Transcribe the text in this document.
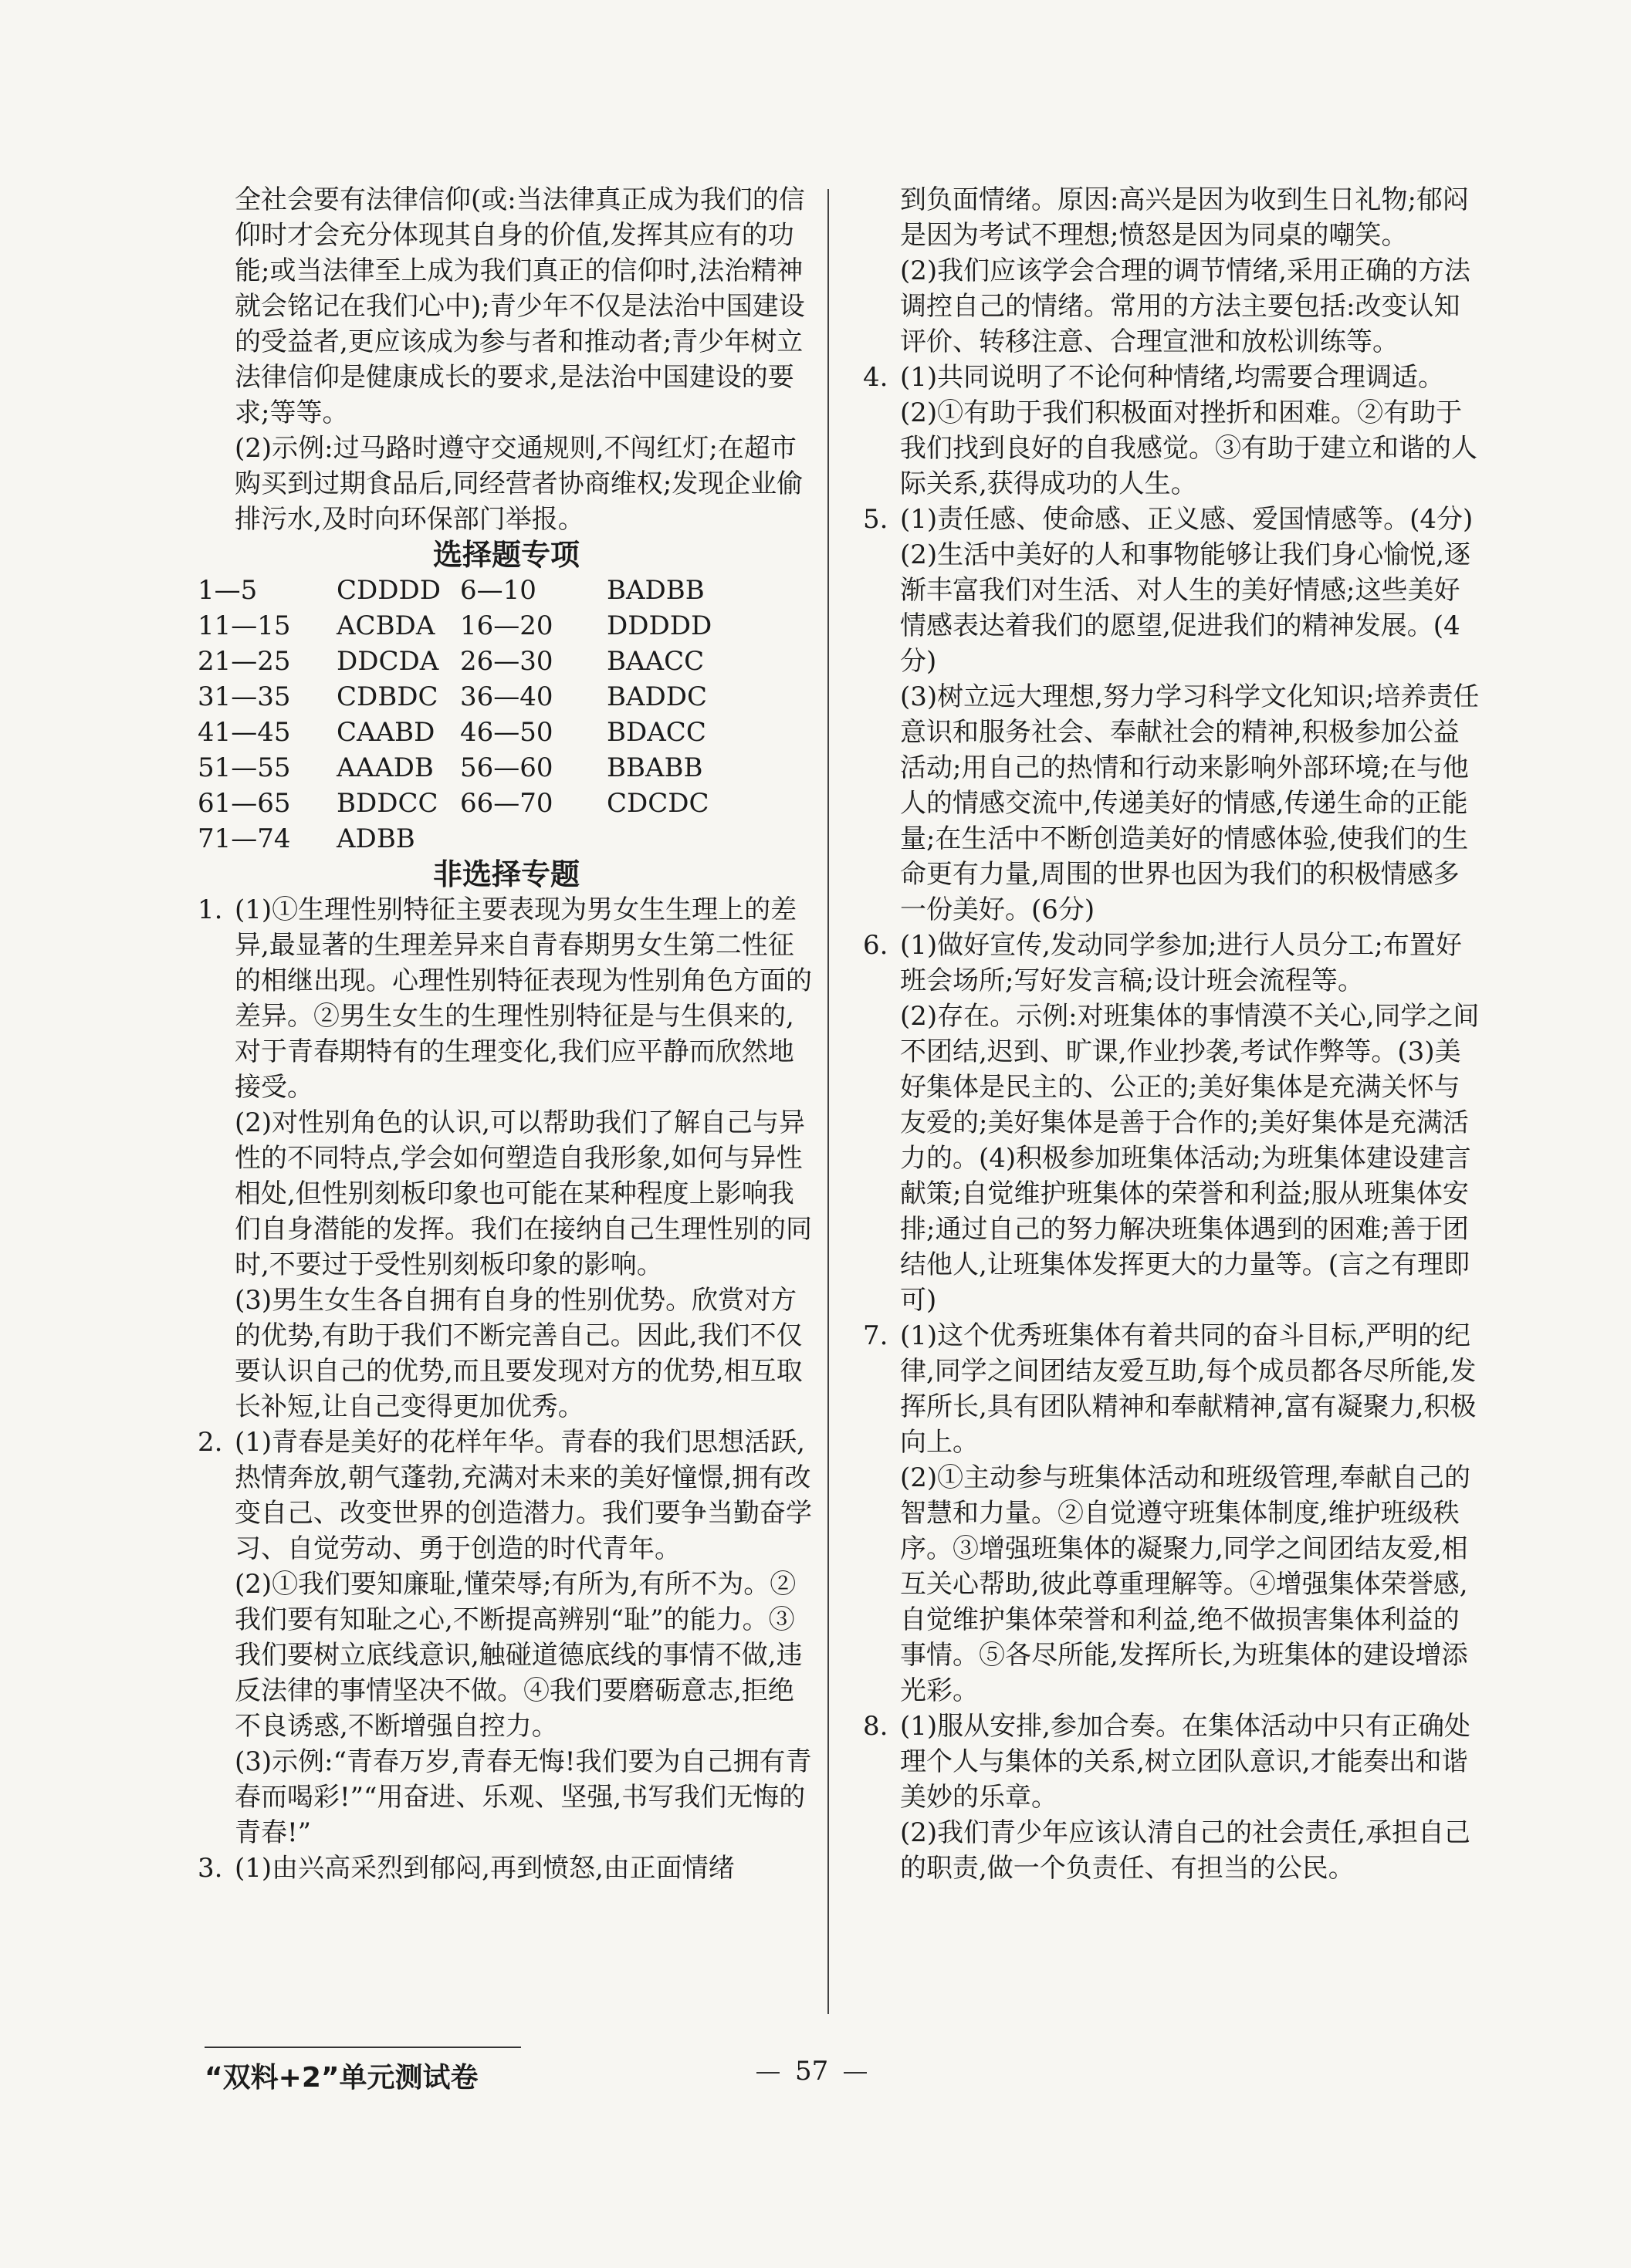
全社会要有法律信仰(或:当法律真正成为我们的信仰时才会充分体现其自身的价值,发挥其应有的功能;或当法律至上成为我们真正的信仰时,法治精神就会铭记在我们心中);青少年不仅是法治中国建设的受益者,更应该成为参与者和推动者;青少年树立法律信仰是健康成长的要求,是法治中国建设的要求;等等。

(2)示例:过马路时遵守交通规则,不闯红灯;在超市购买到过期食品后,同经营者协商维权;发现企业偷排污水,及时向环保部门举报。

选择题专项

1—5	CDDDD 6—10	BADBB
11—15	ACBDA 16—20	DDDDD
21—25	DDCDA 26—30	BAACC
31—35	CDBDC 36—40	BADDC
41—45	CAABD 46—50	BDACC
51—55	AAADB	56—60	BBABB
61—65	BDDCC 66—70	CDCDC
71—74	ADBB

非选择专题

1. (1)①生理性别特征主要表现为男女生生理上的差异,最显著的生理差异来自青春期男女生第二性征的相继出现。心理性别特征表现为性别角色方面的差异。②男生女生的生理性别特征是与生俱来的,对于青春期特有的生理变化,我们应平静而欣然地接受。

(2)对性别角色的认识,可以帮助我们了解自己与异性的不同特点,学会如何塑造自我形象,如何与异性相处,但性别刻板印象也可能在某种程度上影响我们自身潜能的发挥。我们在接纳自己生理性别的同时,不要过于受性别刻板印象的影响。

(3)男生女生各自拥有自身的性别优势。欣赏对方的优势,有助于我们不断完善自己。因此,我们不仅要认识自己的优势,而且要发现对方的优势,相互取长补短,让自己变得更加优秀。

2. (1)青春是美好的花样年华。青春的我们思想活跃,热情奔放,朝气蓬勃,充满对未来的美好憧憬,拥有改变自己、改变世界的创造潜力。我们要争当勤奋学习、自觉劳动、勇于创造的时代青年。

(2)①我们要知廉耻,懂荣辱;有所为,有所不为。②我们要有知耻之心,不断提高辨别“耻”的能力。③我们要树立底线意识,触碰道德底线的事情不做,违反法律的事情坚决不做。④我们要磨砺意志,拒绝不良诱惑,不断增强自控力。

(3)示例:“青春万岁,青春无悔!我们要为自己拥有青春而喝彩!”“用奋进、乐观、坚强,书写我们无悔的青春!”

3. (1)由兴高采烈到郁闷,再到愤怒,由正面情绪

到负面情绪。原因:高兴是因为收到生日礼物;郁闷是因为考试不理想;愤怒是因为同桌的嘲笑。

(2)我们应该学会合理的调节情绪,采用正确的方法调控自己的情绪。常用的方法主要包括:改变认知评价、转移注意、合理宣泄和放松训练等。

4. (1)共同说明了不论何种情绪,均需要合理调适。

(2)①有助于我们积极面对挫折和困难。②有助于我们找到良好的自我感觉。③有助于建立和谐的人际关系,获得成功的人生。

5. (1)责任感、使命感、正义感、爱国情感等。(4分)

(2)生活中美好的人和事物能够让我们身心愉悦,逐渐丰富我们对生活、对人生的美好情感;这些美好情感表达着我们的愿望,促进我们的精神发展。(4分)

(3)树立远大理想,努力学习科学文化知识;培养责任意识和服务社会、奉献社会的精神,积极参加公益活动;用自己的热情和行动来影响外部环境;在与他人的情感交流中,传递美好的情感,传递生命的正能量;在生活中不断创造美好的情感体验,使我们的生命更有力量,周围的世界也因为我们的积极情感多一份美好。(6分)

6. (1)做好宣传,发动同学参加;进行人员分工;布置好班会场所;写好发言稿;设计班会流程等。

(2)存在。示例:对班集体的事情漠不关心,同学之间不团结,迟到、旷课,作业抄袭,考试作弊等。(3)美好集体是民主的、公正的;美好集体是充满关怀与友爱的;美好集体是善于合作的;美好集体是充满活力的。(4)积极参加班集体活动;为班集体建设建言献策;自觉维护班集体的荣誉和利益;服从班集体安排;通过自己的努力解决班集体遇到的困难;善于团结他人,让班集体发挥更大的力量等。(言之有理即可)

7. (1)这个优秀班集体有着共同的奋斗目标,严明的纪律,同学之间团结友爱互助,每个成员都各尽所能,发挥所长,具有团队精神和奉献精神,富有凝聚力,积极向上。

(2)①主动参与班集体活动和班级管理,奉献自己的智慧和力量。②自觉遵守班集体制度,维护班级秩序。③增强班集体的凝聚力,同学之间团结友爱,相互关心帮助,彼此尊重理解等。④增强集体荣誉感,自觉维护集体荣誉和利益,绝不做损害集体利益的事情。⑤各尽所能,发挥所长,为班集体的建设增添光彩。

8. (1)服从安排,参加合奏。在集体活动中只有正确处理个人与集体的关系,树立团队意识,才能奏出和谐美妙的乐章。

(2)我们青少年应该认清自己的社会责任,承担自己的职责,做一个负责任、有担当的公民。

“双料+2”单元测试卷	57
